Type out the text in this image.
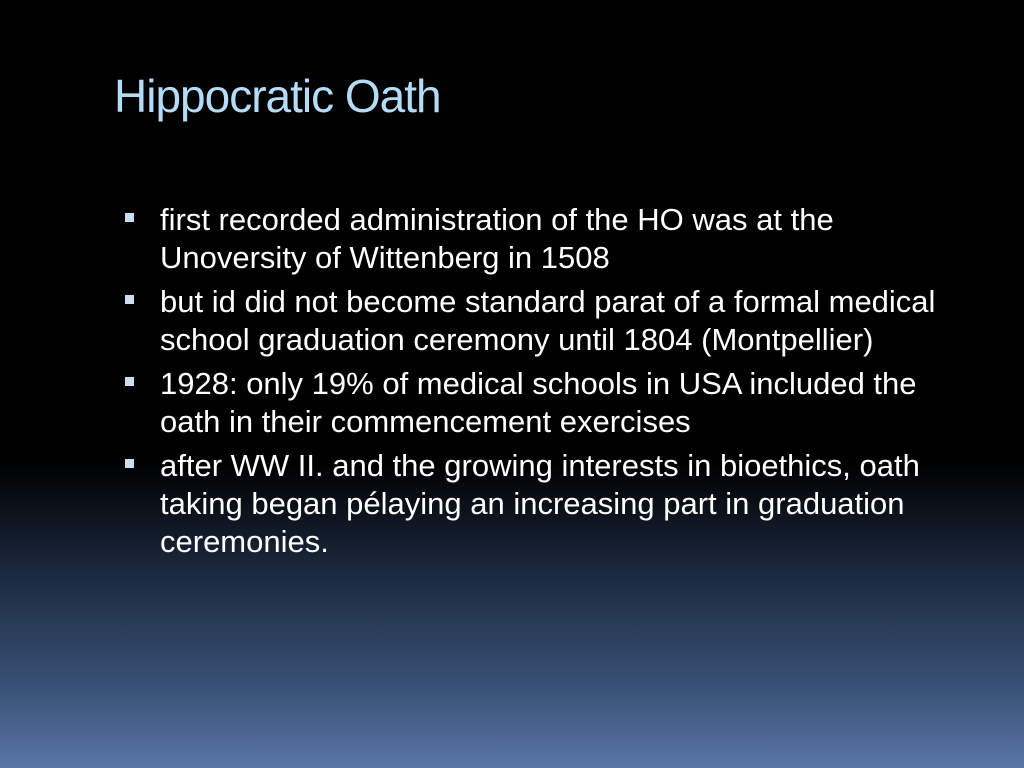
Hippocratic Oath
first recorded administration of the HO was at the Unoversity of Wittenberg in 1508
but id did not become standard parat of a formal medical school graduation ceremony until 1804 (Montpellier)
1928: only 19% of medical schools in USA included the oath in their commencement exercises
after WW II. and the growing interests in bioethics, oath taking began pélaying an increasing part in graduation ceremonies.
